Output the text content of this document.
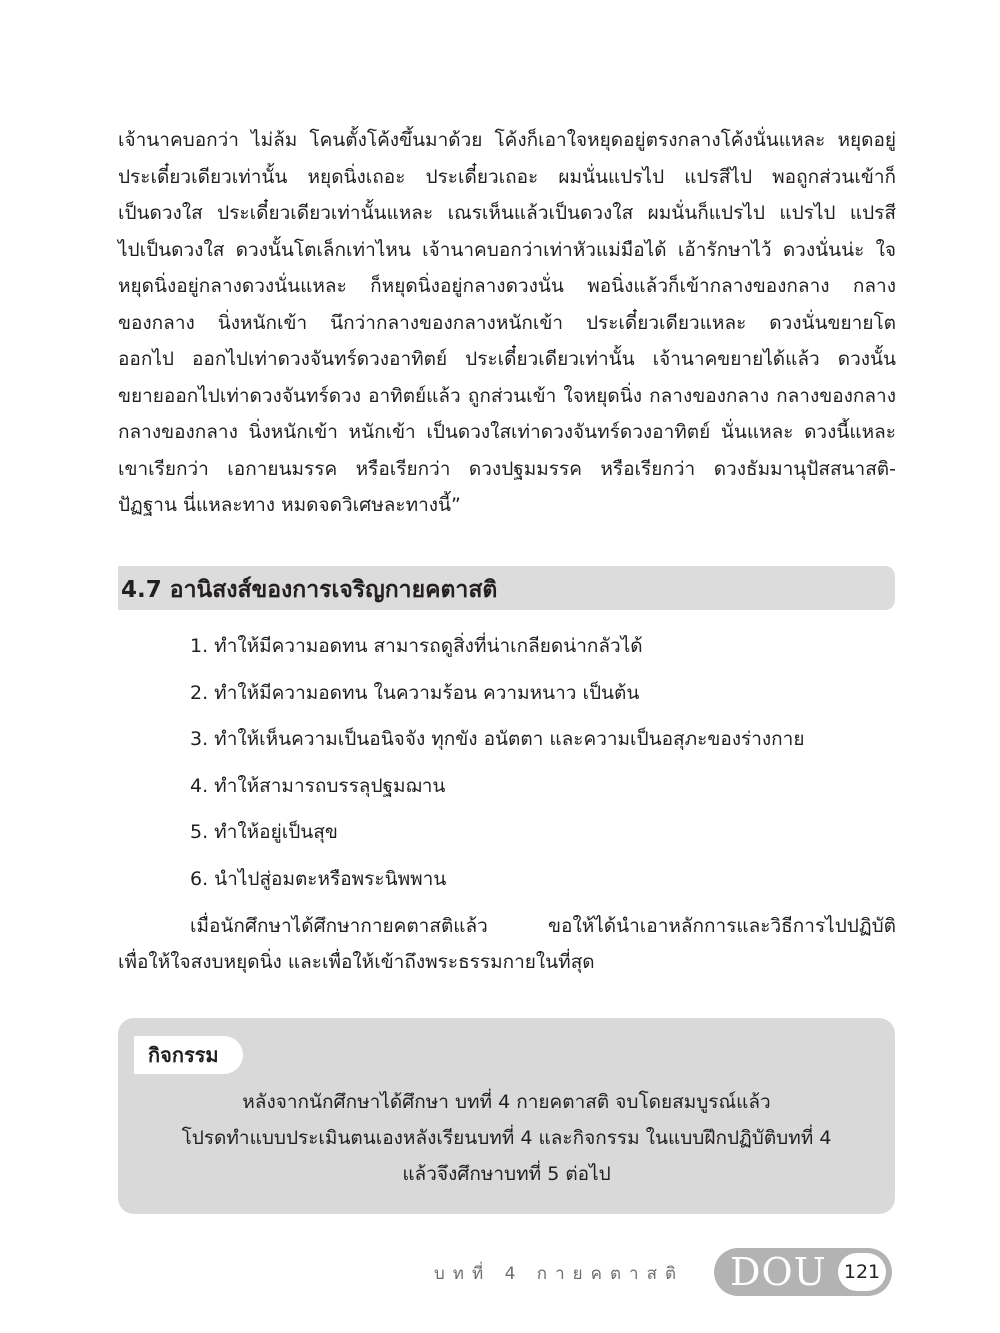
เจ้านาคบอกว่า ไม่ล้ม โคนตั้งโค้งขึ้นมาด้วย โค้งก็เอาใจหยุดอยู่ตรงกลางโค้งนั่นแหละ หยุดอยู่
ประเดี๋ยวเดียวเท่านั้น หยุดนิ่งเถอะ ประเดี๋ยวเถอะ ผมนั่นแปรไป แปรสีไป พอถูกส่วนเข้าก็
เป็นดวงใส ประเดี๋ยวเดียวเท่านั้นแหละ เณรเห็นแล้วเป็นดวงใส ผมนั่นก็แปรไป แปรไป แปรสี
ไปเป็นดวงใส ดวงนั้นโตเล็กเท่าไหน เจ้านาคบอกว่าเท่าหัวแม่มือได้ เอ้ารักษาไว้ ดวงนั่นน่ะ ใจ
หยุดนิ่งอยู่กลางดวงนั่นแหละ ก็หยุดนิ่งอยู่กลางดวงนั่น พอนิ่งแล้วก็เข้ากลางของกลาง กลาง
ของกลาง นิ่งหนักเข้า นึกว่ากลางของกลางหนักเข้า ประเดี๋ยวเดียวแหละ ดวงนั่นขยายโต
ออกไป ออกไปเท่าดวงจันทร์ดวงอาทิตย์ ประเดี๋ยวเดียวเท่านั้น เจ้านาคขยายได้แล้ว ดวงนั้น
ขยายออกไปเท่าดวงจันทร์ดวง อาทิตย์แล้ว ถูกส่วนเข้า ใจหยุดนิ่ง กลางของกลาง กลางของกลาง
กลางของกลาง นิ่งหนักเข้า หนักเข้า เป็นดวงใสเท่าดวงจันทร์ดวงอาทิตย์ นั่นแหละ ดวงนี้แหละ
เขาเรียกว่า เอกายนมรรค หรือเรียกว่า ดวงปฐมมรรค หรือเรียกว่า ดวงธัมมานุปัสสนาสติ-
ปัฏฐาน นี่แหละทาง หมดจดวิเศษละทางนี้”
4.7 อานิสงส์ของการเจริญกายคตาสติ
1. ทำให้มีความอดทน สามารถดูสิ่งที่น่าเกลียดน่ากลัวได้
2. ทำให้มีความอดทน ในความร้อน ความหนาว เป็นต้น
3. ทำให้เห็นความเป็นอนิจจัง ทุกขัง อนัตตา และความเป็นอสุภะของร่างกาย
4. ทำให้สามารถบรรลุปฐมฌาน
5. ทำให้อยู่เป็นสุข
6. นำไปสู่อมตะหรือพระนิพพาน
เมื่อนักศึกษาได้ศึกษากายคตาสติแล้ว ขอให้ได้นำเอาหลักการและวิธีการไปปฏิบัติ
เพื่อให้ใจสงบหยุดนิ่ง และเพื่อให้เข้าถึงพระธรรมกายในที่สุด
กิจกรรม
หลังจากนักศึกษาได้ศึกษา บทที่ 4 กายคตาสติ จบโดยสมบูรณ์แล้ว
โปรดทำแบบประเมินตนเองหลังเรียนบทที่ 4 และกิจกรรม ในแบบฝึกปฏิบัติบทที่ 4
แล้วจึงศึกษาบทที่ 5 ต่อไป
บทที่ 4 กายคตาสติ DOU 121
